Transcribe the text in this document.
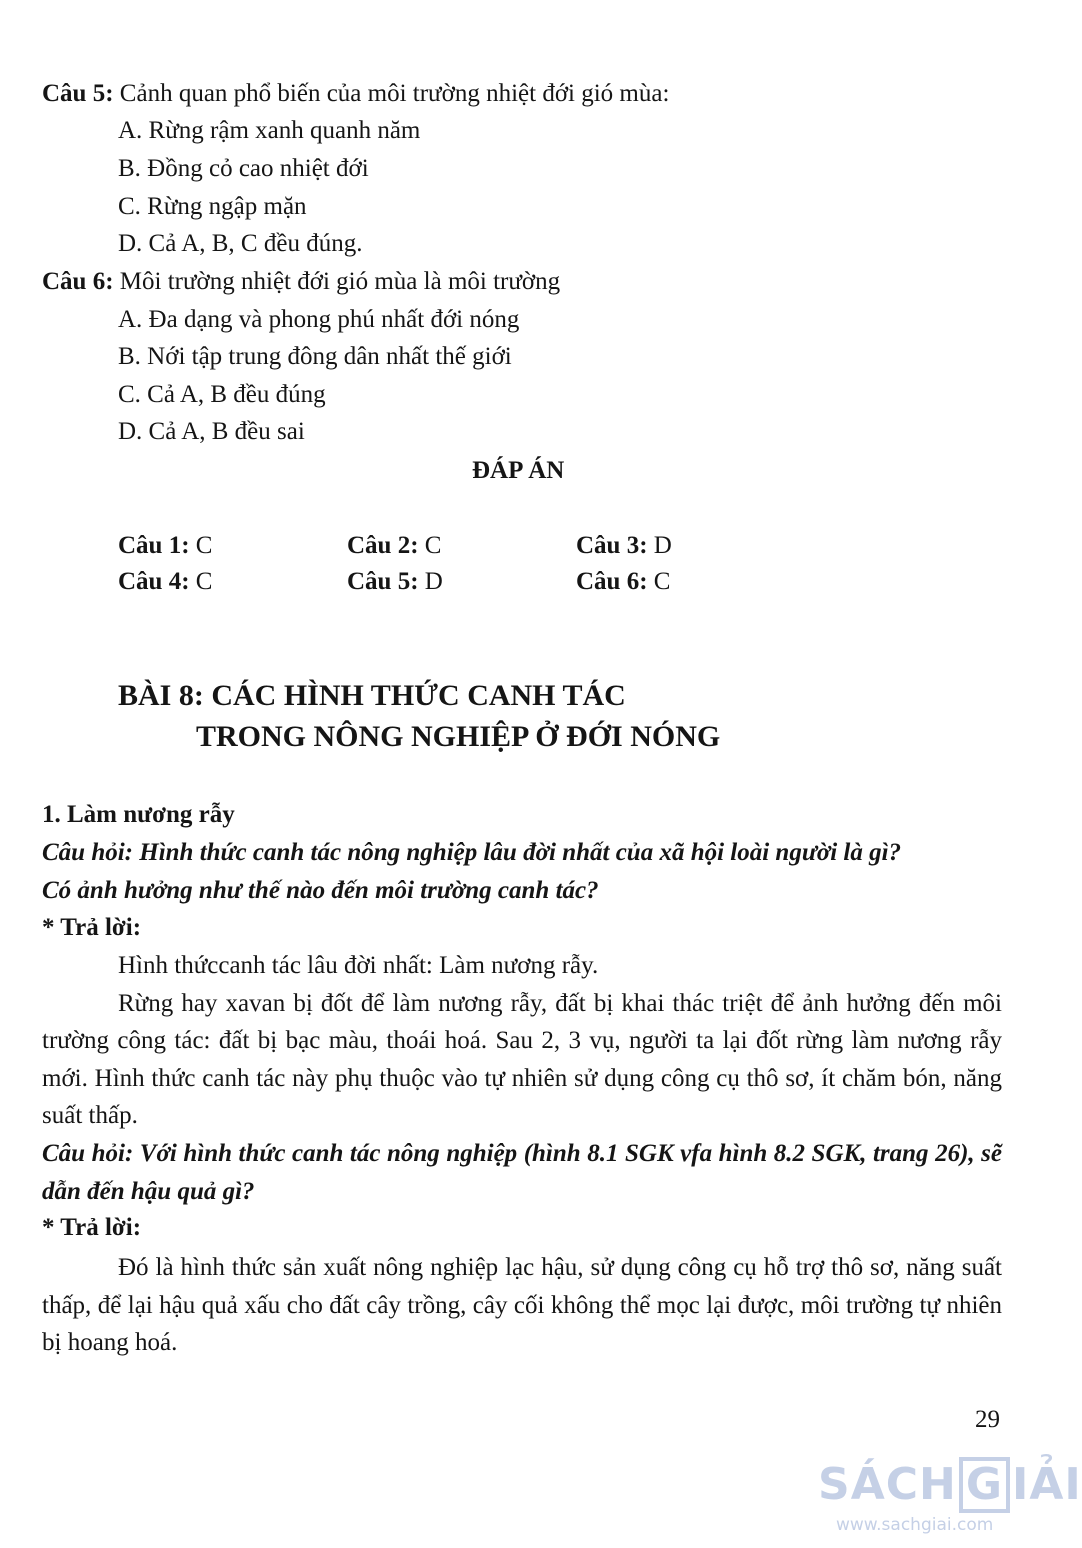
Câu 5: Cảnh quan phổ biến của môi trường nhiệt đới gió mùa:
A. Rừng rậm xanh quanh năm
B. Đồng cỏ cao nhiệt đới
C. Rừng ngập mặn
D. Cả A, B, C đều đúng.
Câu 6: Môi trường nhiệt đới gió mùa là môi trường
A. Đa dạng và phong phú nhất đới nóng
B. Nới tập trung đông dân nhất thế giới
C. Cả A, B đều đúng
D. Cả A, B đều sai
ĐÁP ÁN
Câu 1: C	Câu 2: C	Câu 3: D
Câu 4: C	Câu 5: D	Câu 6: C
BÀI 8: CÁC HÌNH THỨC CANH TÁC
TRONG NÔNG NGHIỆP Ở ĐỚI NÓNG
1. Làm nương rẫy
Câu hỏi: Hình thức canh tác nông nghiệp lâu đời nhất của xã hội loài người là gì?
Có ảnh hưởng như thế nào đến môi trường canh tác?
* Trả lời:

Hình thứccanh tác lâu đời nhất: Làm nương rẫy.

Rừng hay xavan bị đốt để làm nương rẫy, đất bị khai thác triệt để ảnh hưởng đến môi trường công tác: đất bị bạc màu, thoái hoá. Sau 2, 3 vụ, người ta lại đốt rừng làm nương rẫy mới. Hình thức canh tác này phụ thuộc vào tự nhiên sử dụng công cụ thô sơ, ít chăm bón, năng suất thấp.

Câu hỏi: Với hình thức canh tác nông nghiệp (hình 8.1 SGK vfa hình 8.2 SGK, trang 26), sẽ dẫn đến hậu quả gì?
* Trả lời:

Đó là hình thức sản xuất nông nghiệp lạc hậu, sử dụng công cụ hỗ trợ thô sơ, năng suất thấp, để lại hậu quả xấu cho đất cây trồng, cây cối không thể mọc lại được, môi trường tự nhiên bị hoang hoá.

29
SÁCH G IẢI
www.sachgiai.com
